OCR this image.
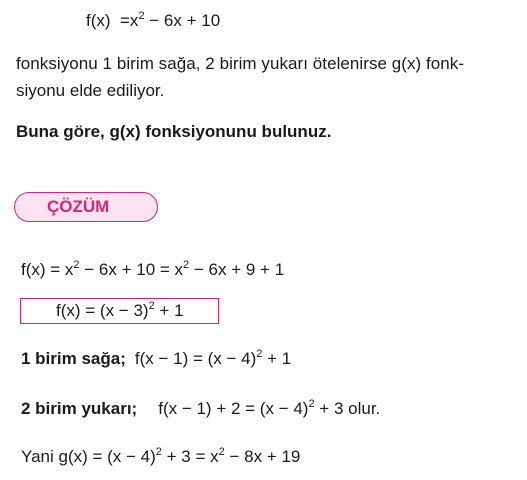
$f(x) =x^2 - 6x + 10$
fonksiyonu 1 birim sağa, 2 birim yukarı ötelenirse g(x) fonk-
siyonu elde ediliyor.
Buna göre, g(x) fonksiyonunu bulunuz.
ÇÖZÜM
$f(x) = x^2 - 6x + 10 = x^2 - 6x + 9 + 1$
$f(x) = (x - 3)^2 + 1$
1 birim sağa; $f(x - 1) = (x - 4)^2 + 1$
2 birim yukarı; $f(x - 1) + 2 = (x - 4)^2 + 3$ olur.
Yani $g(x) = (x - 4)^2 + 3 = x^2 - 8x + 19$
